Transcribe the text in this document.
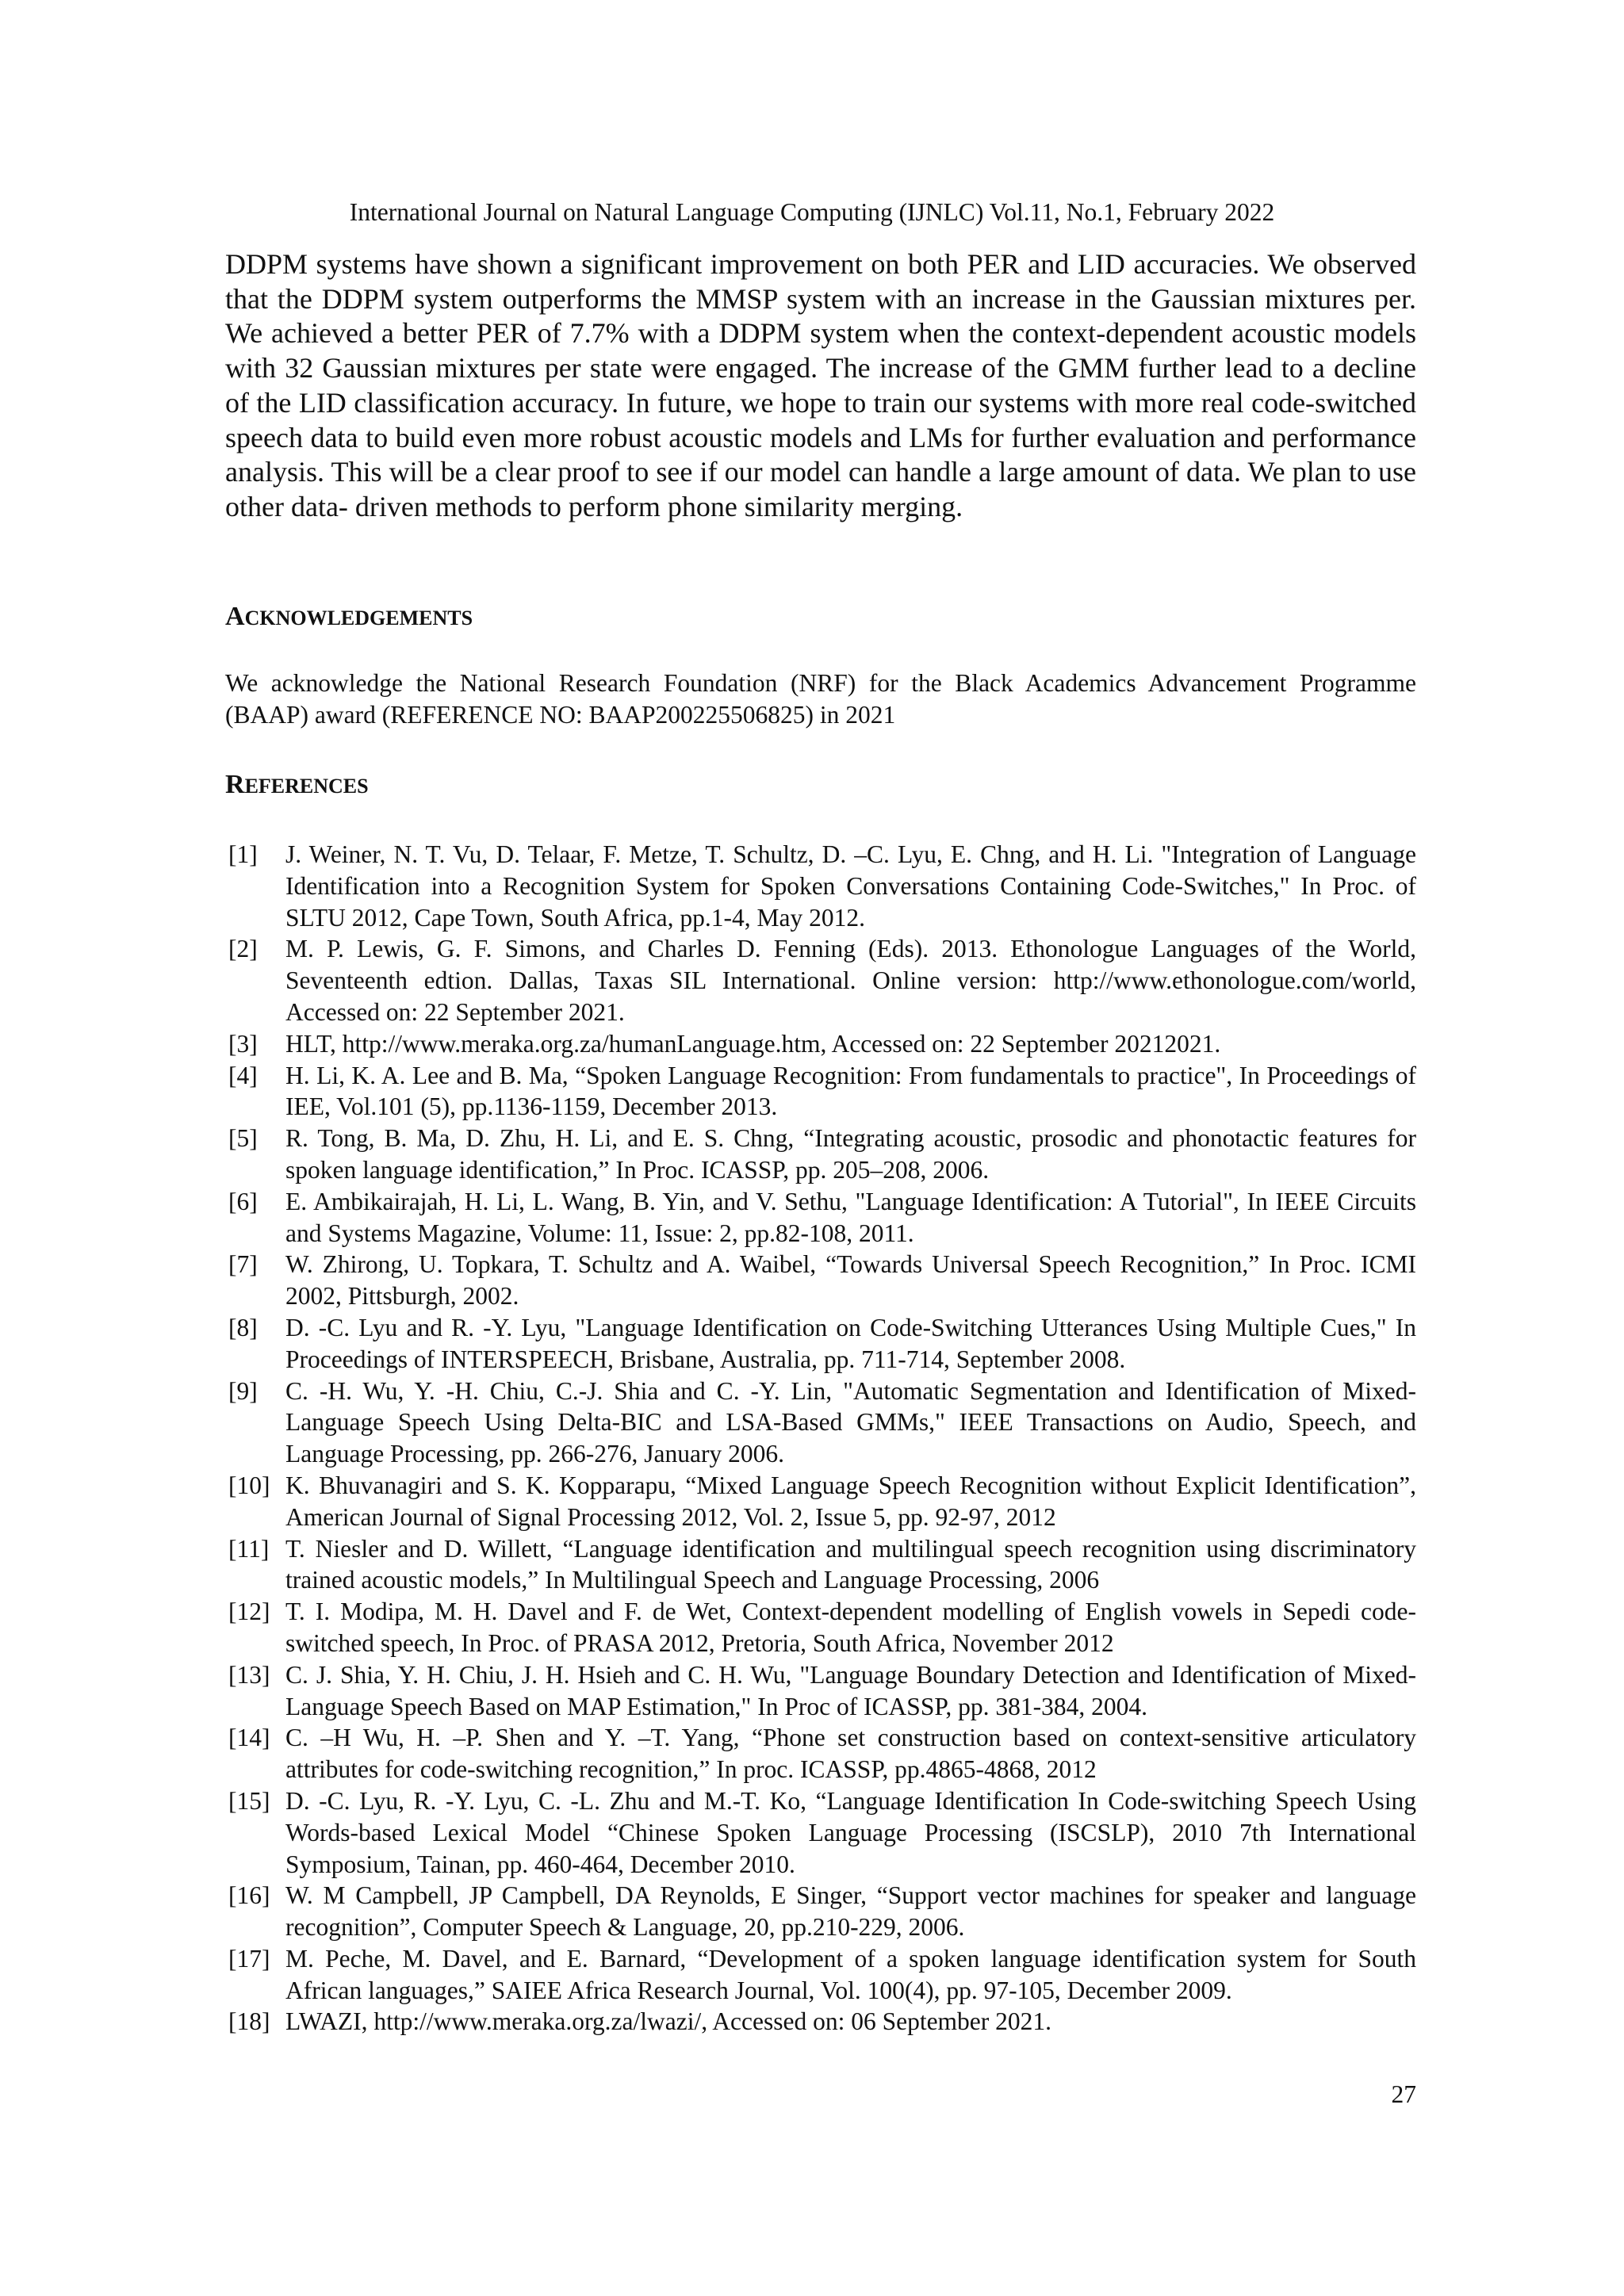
International Journal on Natural Language Computing (IJNLC) Vol.11, No.1, February 2022

DDPM systems have shown a significant improvement on both PER and LID accuracies. We observed that the DDPM system outperforms the MMSP system with an increase in the Gaussian mixtures per. We achieved a better PER of 7.7% with a DDPM system when the context-dependent acoustic models with 32 Gaussian mixtures per state were engaged. The increase of the GMM further lead to a decline of the LID classification accuracy. In future, we hope to train our systems with more real code-switched speech data to build even more robust acoustic models and LMs for further evaluation and performance analysis. This will be a clear proof to see if our model can handle a large amount of data. We plan to use other data- driven methods to perform phone similarity merging.

ACKNOWLEDGEMENTS

We acknowledge the National Research Foundation (NRF) for the Black Academics Advancement Programme (BAAP) award (REFERENCE NO: BAAP200225506825) in 2021

REFERENCES
[1]	J. Weiner, N. T. Vu, D. Telaar, F. Metze, T. Schultz, D. –C. Lyu, E. Chng, and H. Li. "Integration of Language Identification into a Recognition System for Spoken Conversations Containing Code-Switches," In Proc. of SLTU 2012, Cape Town, South Africa, pp.1-4, May 2012.
[2]	M. P. Lewis, G. F. Simons, and Charles D. Fenning (Eds). 2013. Ethonologue Languages of the World, Seventeenth edtion. Dallas, Taxas SIL International. Online version: http://www.ethonologue.com/world, Accessed on: 22 September 2021.
[3]	HLT, http://www.meraka.org.za/humanLanguage.htm, Accessed on: 22 September 20212021.
[4]	H. Li, K. A. Lee and B. Ma, “Spoken Language Recognition: From fundamentals to practice", In Proceedings of IEE, Vol.101 (5), pp.1136-1159, December 2013.
[5]	R. Tong, B. Ma, D. Zhu, H. Li, and E. S. Chng, “Integrating acoustic, prosodic and phonotactic features for spoken language identification,” In Proc. ICASSP, pp. 205–208, 2006.
[6]	E. Ambikairajah, H. Li, L. Wang, B. Yin, and V. Sethu, "Language Identification: A Tutorial", In IEEE Circuits and Systems Magazine, Volume: 11, Issue: 2, pp.82-108, 2011.
[7]	W. Zhirong, U. Topkara, T. Schultz and A. Waibel, “Towards Universal Speech Recognition,” In Proc. ICMI 2002, Pittsburgh, 2002.
[8]	D. -C. Lyu and R. -Y. Lyu, "Language Identification on Code-Switching Utterances Using Multiple Cues," In Proceedings of INTERSPEECH, Brisbane, Australia, pp. 711-714, September 2008.
[9]	C. -H. Wu, Y. -H. Chiu, C.-J. Shia and C. -Y. Lin, "Automatic Segmentation and Identification of Mixed-Language Speech Using Delta-BIC and LSA-Based GMMs," IEEE Transactions on Audio, Speech, and Language Processing, pp. 266-276, January 2006.
[10] K. Bhuvanagiri and S. K. Kopparapu, “Mixed Language Speech Recognition without Explicit Identification”, American Journal of Signal Processing 2012, Vol. 2, Issue 5, pp. 92-97, 2012
[11] T. Niesler and D. Willett, “Language identification and multilingual speech recognition using discriminatory trained acoustic models,” In Multilingual Speech and Language Processing, 2006
[12] T. I. Modipa, M. H. Davel and F. de Wet, Context-dependent modelling of English vowels in Sepedi code-switched speech, In Proc. of PRASA 2012, Pretoria, South Africa, November 2012
[13] C. J. Shia, Y. H. Chiu, J. H. Hsieh and C. H. Wu, "Language Boundary Detection and Identification of Mixed-Language Speech Based on MAP Estimation," In Proc of ICASSP, pp. 381-384, 2004.
[14] C. –H Wu, H. –P. Shen and Y. –T. Yang, “Phone set construction based on context-sensitive articulatory attributes for code-switching recognition,” In proc. ICASSP, pp.4865-4868, 2012
[15] D. -C. Lyu, R. -Y. Lyu, C. -L. Zhu and M.-T. Ko, “Language Identification In Code-switching Speech Using Words-based Lexical Model “Chinese Spoken Language Processing (ISCSLP), 2010 7th International Symposium, Tainan, pp. 460-464, December 2010.
[16] W. M Campbell, JP Campbell, DA Reynolds, E Singer, “Support vector machines for speaker and language recognition”, Computer Speech & Language, 20, pp.210-229, 2006.
[17] M. Peche, M. Davel, and E. Barnard, “Development of a spoken language identification system for South African languages,” SAIEE Africa Research Journal, Vol. 100(4), pp. 97-105, December 2009.
[18] LWAZI, http://www.meraka.org.za/lwazi/, Accessed on: 06 September 2021.
27
